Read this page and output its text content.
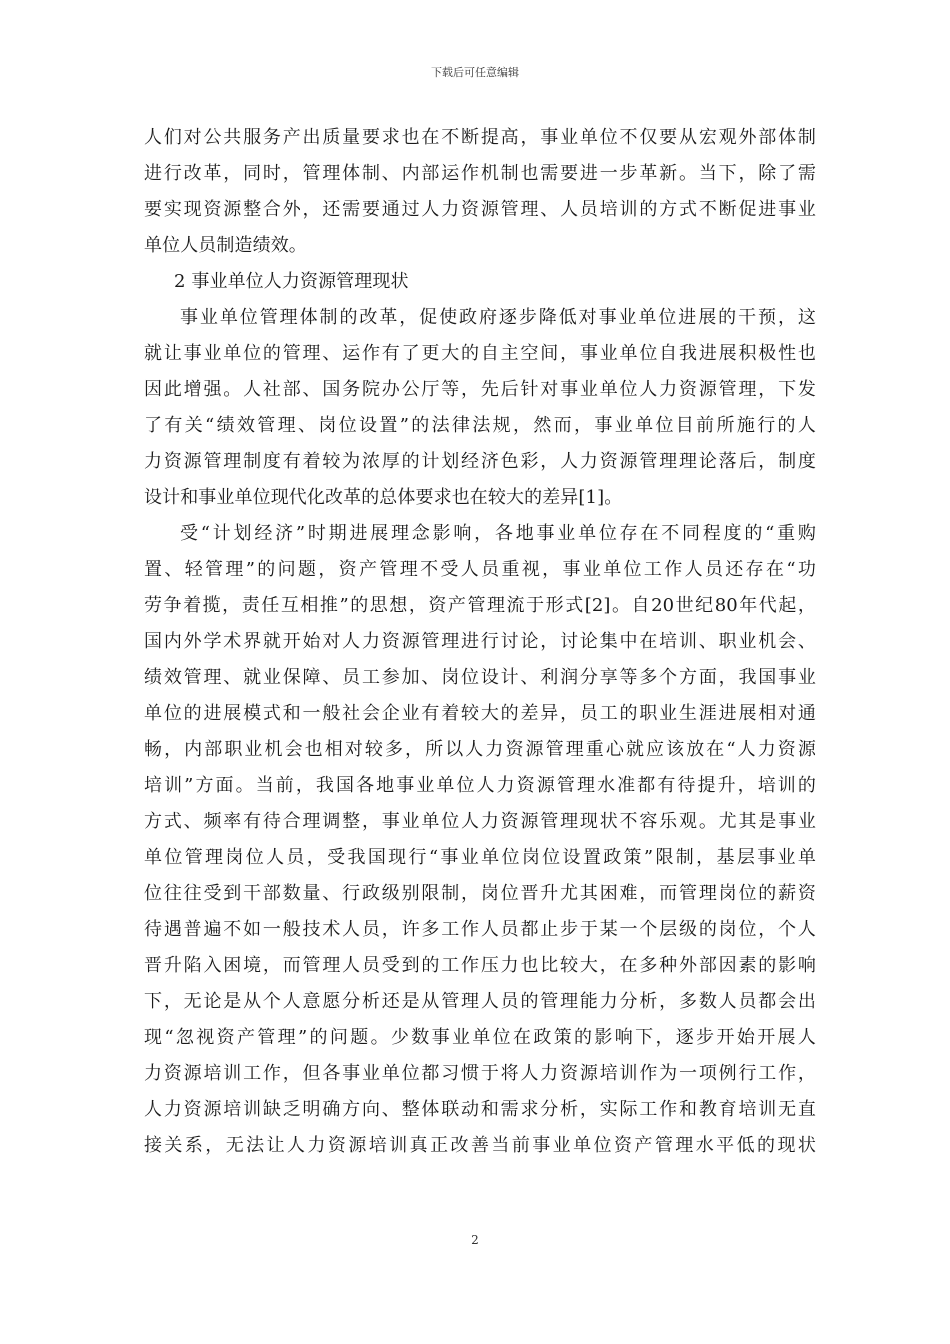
下载后可任意编辑
人们对公共服务产出质量要求也在不断提高，事业单位不仅要从宏观外部体制
进行改革，同时，管理体制、内部运作机制也需要进一步革新。当下，除了需
要实现资源整合外，还需要通过人力资源管理、人员培训的方式不断促进事业
单位人员制造绩效。
2 事业单位人力资源管理现状
事业单位管理体制的改革，促使政府逐步降低对事业单位进展的干预，这
就让事业单位的管理、运作有了更大的自主空间，事业单位自我进展积极性也
因此增强。人社部、国务院办公厅等，先后针对事业单位人力资源管理，下发
了有关“绩效管理、岗位设置”的法律法规，然而，事业单位目前所施行的人
力资源管理制度有着较为浓厚的计划经济色彩，人力资源管理理论落后，制度
设计和事业单位现代化改革的总体要求也在较大的差异[1]。
受“计划经济”时期进展理念影响，各地事业单位存在不同程度的“重购
置、轻管理”的问题，资产管理不受人员重视，事业单位工作人员还存在“功
劳争着揽，责任互相推”的思想，资产管理流于形式[2]。自20世纪80年代起，
国内外学术界就开始对人力资源管理进行讨论，讨论集中在培训、职业机会、
绩效管理、就业保障、员工参加、岗位设计、利润分享等多个方面，我国事业
单位的进展模式和一般社会企业有着较大的差异，员工的职业生涯进展相对通
畅，内部职业机会也相对较多，所以人力资源管理重心就应该放在“人力资源
培训”方面。当前，我国各地事业单位人力资源管理水准都有待提升，培训的
方式、频率有待合理调整，事业单位人力资源管理现状不容乐观。尤其是事业
单位管理岗位人员，受我国现行“事业单位岗位设置政策”限制，基层事业单
位往往受到干部数量、行政级别限制，岗位晋升尤其困难，而管理岗位的薪资
待遇普遍不如一般技术人员，许多工作人员都止步于某一个层级的岗位，个人
晋升陷入困境，而管理人员受到的工作压力也比较大，在多种外部因素的影响
下，无论是从个人意愿分析还是从管理人员的管理能力分析，多数人员都会出
现“忽视资产管理”的问题。少数事业单位在政策的影响下，逐步开始开展人
力资源培训工作，但各事业单位都习惯于将人力资源培训作为一项例行工作，
人力资源培训缺乏明确方向、整体联动和需求分析，实际工作和教育培训无直
接关系，无法让人力资源培训真正改善当前事业单位资产管理水平低的现状
2
